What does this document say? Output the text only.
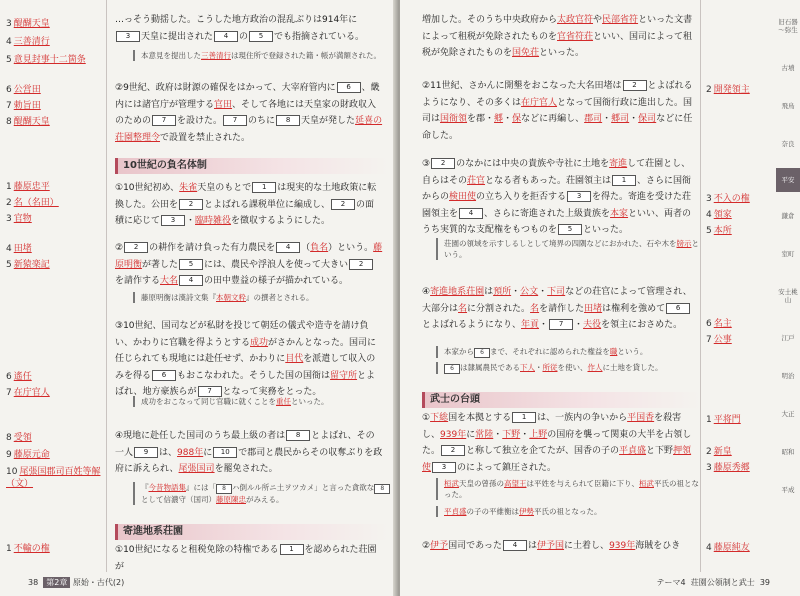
3 醍醐天皇
4 三善清行
5 意見封事十二箇条
6 公営田
7 勅旨田
8 醍醐天皇
1 藤原忠平
2 名（名田）
3 官物
4 田堵
5 新猿楽記
6 遙任
7 在庁官人
8 受領
9 藤原元命
10 尾張国郡司百姓等解（文）
1 不輸の権

…っそう動揺した。こうした地方政治の混乱ぶりは914年に3 天皇に提出された 4 の 5 でも指摘されている。

本意見を提出した三善清行は現住所で登録された籍・帳が満額された。

②9世紀、政府は財源の確保をはかって、大宰府管内に 6 、畿内には諸官庁が管理する官田、そして各地には天皇家の財政収入のための 7 を設けた。 7 のちに 8 天皇が発した延喜の荘園整理令で設置を禁止された。

10世紀の負名体制

①10世紀初め、朱雀天皇のもとで 1 は現実的な土地政策に転換した。公田を 2 とよばれる課税単位に編成し、 2 の面積に応じて 3 ・臨時雑役を徴収するようにした。

② 2 の耕作を請け負った有力農民を 4 （負名）という。藤原明衡が著した 5 には、農民や浮浪人を使って大きい 2を請作する大名 4 の田中豊益の様子が描かれている。

藤原明衡は漢詩文集『本朝文粋』の撰者とされる。

③10世紀、国司などが私財を投じて朝廷の儀式や造寺を請け負い、かわりに官職を得ようとする成功がさかんとなった。国司に任じられても現地には赴任せず、かわりに目代を派遣して収入のみを得る 6 もおこなわれた。そうした国の国衙は留守所とよばれ、地方豪族らが 7 となって実務をとった。

成功をおこなって同じ官職に就くことを重任といった。

④現地に赴任した国司のうち最上級の者は 8 とよばれ、その一人 9 は、988年に 10 で郡司と農民からその収奪ぶりを政府に訴えられ、尾張国司を罷免された。

『今昔物語集』には「 8 ハ倒ルル所ニ土ヲツカメ」と言った貪欲な 8として信濃守（国司）藤原陳忠がみえる。

寄進地系荘園

①10世紀になると租税免除の特権である 1 を認められた荘園が

38 第2章 原始・古代(2)

増加した。そのうち中央政府から太政官符や民部省符といった文書によって租税が免除されたものを官省符荘といい、国司によって租税が免除されたものを国免荘といった。

②11世紀、さかんに開墾をおこなった大名田堵は 2 とよばれるようになり、その多くは在庁官人となって国衙行政に進出した。国司は国衙領を郡・郷・保などに再編し、郡司・郷司・保司などに任命した。

③ 2 のなかには中央の貴族や寺社に土地を寄進して荘園とし、自らはその荘官となる者もあった。荘園領主は 1 、さらに国衙からの検田使の立ち入りを拒否する 3 を得た。寄進を受けた荘園領主を 4 、さらに寄進された上級貴族を本家といい、両者のうち実質的な支配権をもつものを 5 といった。

荘園の領域を示すしるしとして境界の四隅などにおかれた、石や木を牓示という。

④寄進地系荘園は預所・公文・下司などの荘官によって管理され、大部分は名に分割された。名を請作した田堵は権利を強めて 6とよばれるようになり、年貢・ 7 ・夫役を領主におさめた。

本家から 6 まで、それぞれに認められた権益を職という。

6 は隷属農民である下人・所従を使い、作人に土地を貸した。

武士の台頭

①下総国を本拠とする 1 は、一族内の争いから平国香を殺害し、939年に常陸・下野・上野の国府を襲って関東の大半を占領した。 2 と称して独立を企てたが、国香の子の平貞盛と下野押領使 3 のによって鎮圧された。

桓武天皇の曾孫の高望王は平姓を与えられて臣籍に下り、桓武平氏の祖となった。

平貞盛の子の平維衡は伊勢平氏の祖となった。

②伊予国司であった 4 は伊予国に土着し、939年海賊をひき

2 開発領主
3 不入の権
4 領家
5 本所
6 名主
7 公事
1 平将門
2 新皇
3 藤原秀郷
4 藤原純友
旧石器～弥生
古墳
飛鳥
奈良
平安
鎌倉
室町
安土桃山
江戸
明治
大正
昭和
平成
テーマ4 荘園公領制と武士 39
